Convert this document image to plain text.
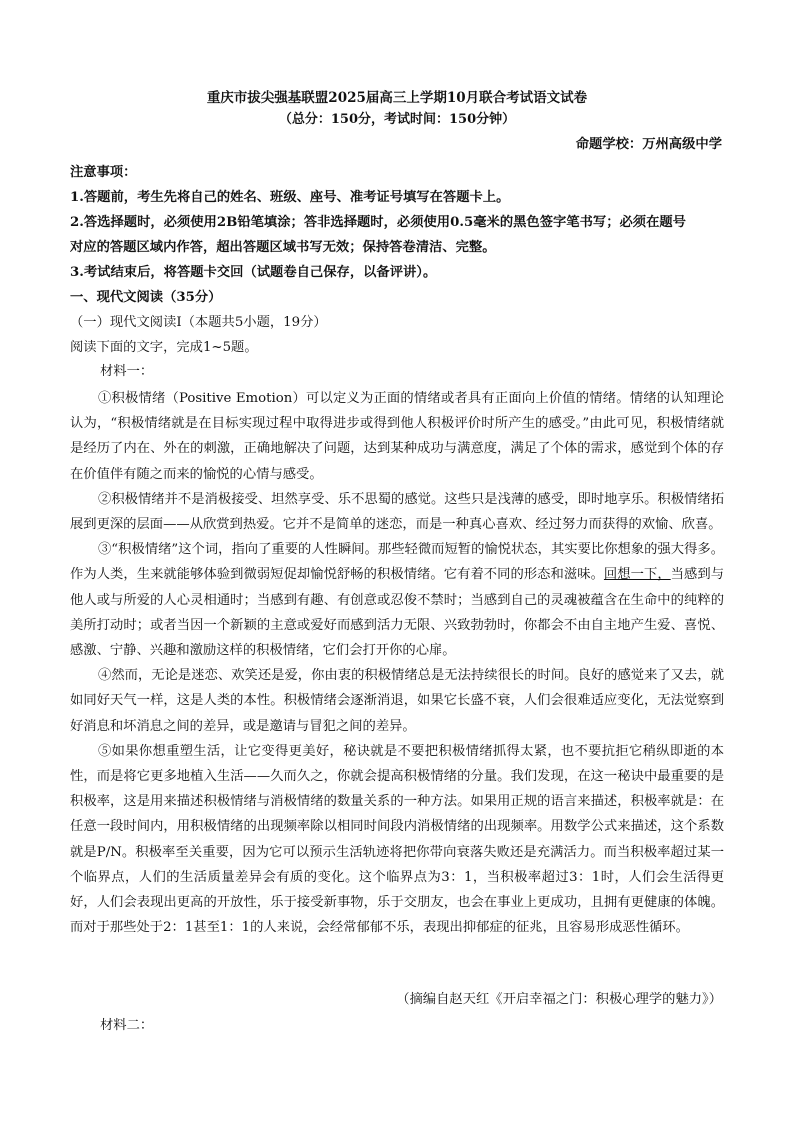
重庆市拔尖强基联盟2025届高三上学期10月联合考试语文试卷
（总分：150分，考试时间：150分钟）
命题学校：万州高级中学
注意事项：
1.答题前，考生先将自己的姓名、班级、座号、准考证号填写在答题卡上。
2.答选择题时，必须使用2B铅笔填涂；答非选择题时，必须使用0.5毫米的黑色签字笔书写；必须在题号
对应的答题区域内作答，超出答题区域书写无效；保持答卷清洁、完整。
3.考试结束后，将答题卡交回（试题卷自己保存，以备评讲）。
一、现代文阅读（35分）
（一）现代文阅读Ⅰ（本题共5小题，19分）
阅读下面的文字，完成1~5题。
材料一：

①积极情绪（Positive Emotion）可以定义为正面的情绪或者具有正面向上价值的情绪。情绪的认知理论认为，“积极情绪就是在目标实现过程中取得进步或得到他人积极评价时所产生的感受。”由此可见，积极情绪就是经历了内在、外在的刺激，正确地解决了问题，达到某种成功与满意度，满足了个体的需求，感觉到个体的存在价值伴有随之而来的愉悦的心情与感受。

②积极情绪并不是消极接受、坦然享受、乐不思蜀的感觉。这些只是浅薄的感受，即时地享乐。积极情绪拓展到更深的层面——从欣赏到热爱。它并不是简单的迷恋，而是一种真心喜欢、经过努力而获得的欢愉、欣喜。

③“积极情绪”这个词，指向了重要的人性瞬间。那些轻微而短暂的愉悦状态，其实要比你想象的强大得多。作为人类，生来就能够体验到微弱短促却愉悦舒畅的积极情绪。它有着不同的形态和滋味。回想一下，当感到与他人或与所爱的人心灵相通时；当感到有趣、有创意或忍俊不禁时；当感到自己的灵魂被蕴含在生命中的纯粹的美所打动时；或者当因一个新颖的主意或爱好而感到活力无限、兴致勃勃时，你都会不由自主地产生爱、喜悦、感激、宁静、兴趣和激励这样的积极情绪，它们会打开你的心扉。

④然而，无论是迷恋、欢笑还是爱，你由衷的积极情绪总是无法持续很长的时间。良好的感觉来了又去，就如同好天气一样，这是人类的本性。积极情绪会逐渐消退，如果它长盛不衰，人们会很难适应变化，无法觉察到好消息和坏消息之间的差异，或是邀请与冒犯之间的差异。

⑤如果你想重塑生活，让它变得更美好，秘诀就是不要把积极情绪抓得太紧，也不要抗拒它稍纵即逝的本性，而是将它更多地植入生活——久而久之，你就会提高积极情绪的分量。我们发现，在这一秘诀中最重要的是积极率，这是用来描述积极情绪与消极情绪的数量关系的一种方法。如果用正规的语言来描述，积极率就是：在任意一段时间内，用积极情绪的出现频率除以相同时间段内消极情绪的出现频率。用数学公式来描述，这个系数就是P/N。积极率至关重要，因为它可以预示生活轨迹将把你带向衰落失败还是充满活力。而当积极率超过某一个临界点，人们的生活质量差异会有质的变化。这个临界点为3：1，当积极率超过3：1时，人们会生活得更好，人们会表现出更高的开放性，乐于接受新事物，乐于交朋友，也会在事业上更成功，且拥有更健康的体魄。而对于那些处于2：1甚至1：1的人来说，会经常郁郁不乐，表现出抑郁症的征兆，且容易形成恶性循环。

（摘编自赵天红《开启幸福之门：积极心理学的魅力》）
材料二：
